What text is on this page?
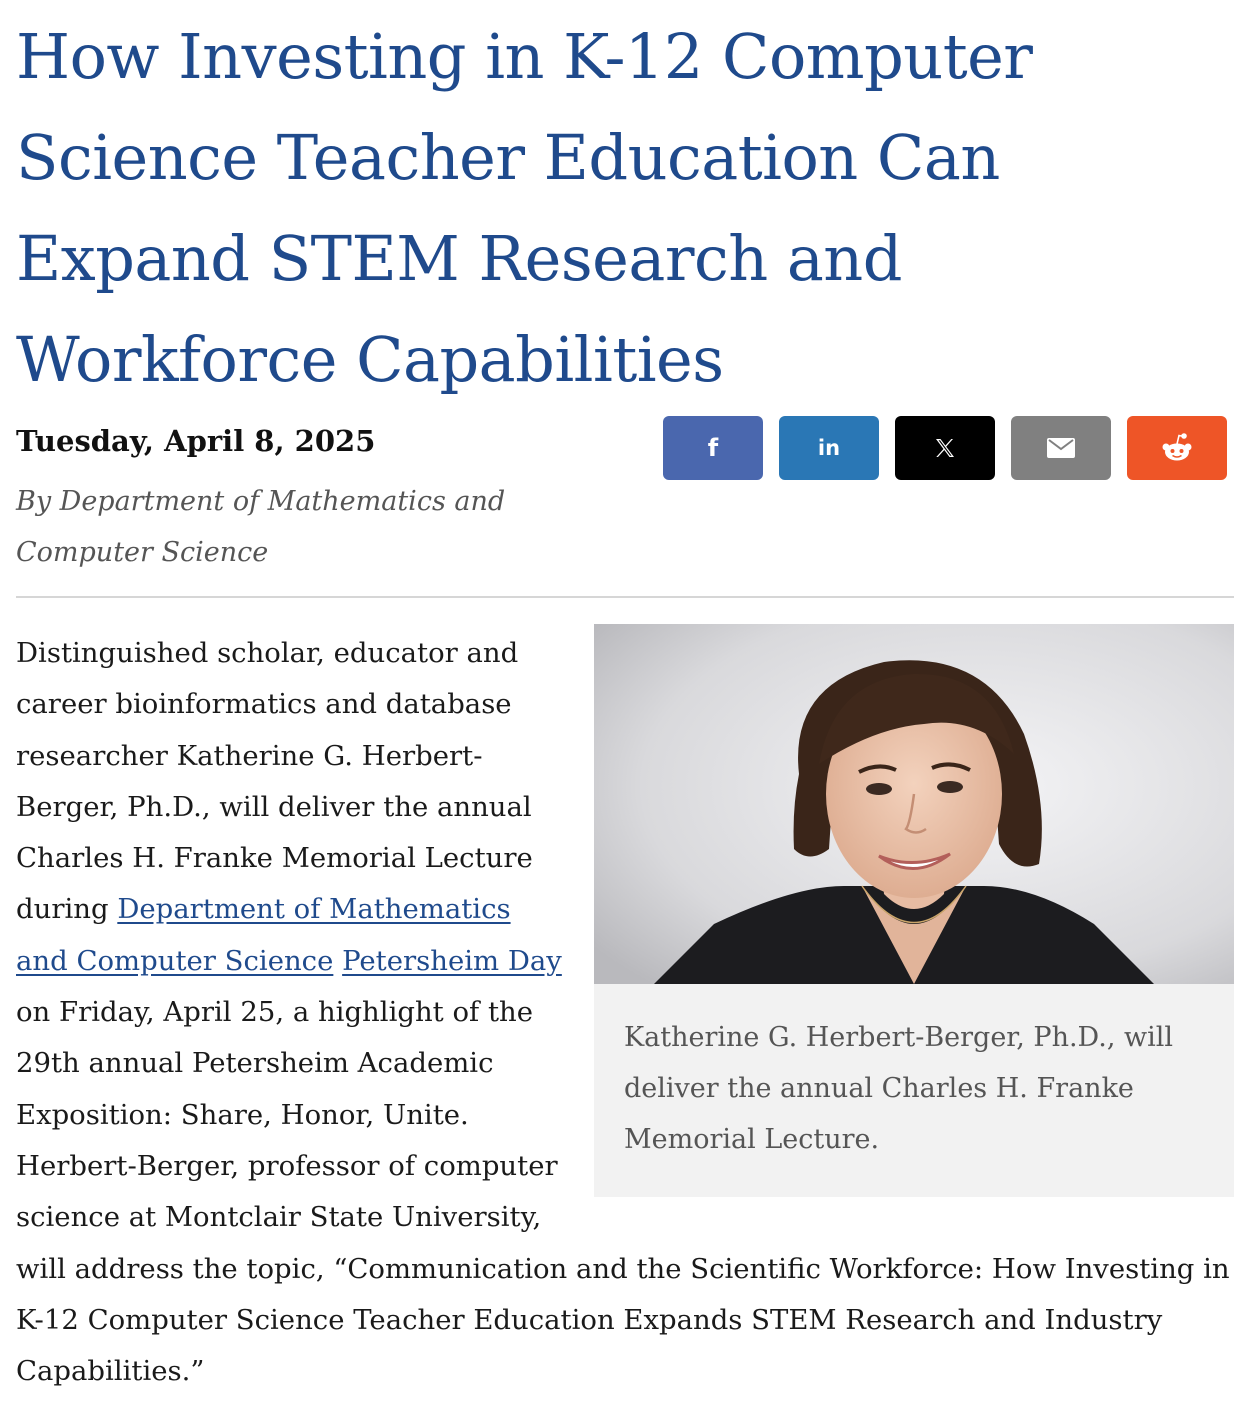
How Investing in K-12 Computer Science Teacher Education Can Expand STEM Research and Workforce Capabilities

Tuesday, April 8, 2025

By Department of Mathematics and Computer Science

f	in

Katherine G. Herbert-Berger, Ph.D., will deliver the annual Charles H. Franke Memorial Lecture.

Distinguished scholar, educator and career bioinformatics and database researcher Katherine G. Herbert-Berger, Ph.D., will deliver the annual Charles H. Franke Memorial Lecture during Department of Mathematics and Computer Science Petersheim Day on Friday, April 25, a highlight of the 29th annual Petersheim Academic Exposition: Share, Honor, Unite. Herbert-Berger, professor of computer science at Montclair State University, will address the topic, “Communication and the Scientific Workforce: How Investing in K-12 Computer Science Teacher Education Expands STEM Research and Industry Capabilities.”
